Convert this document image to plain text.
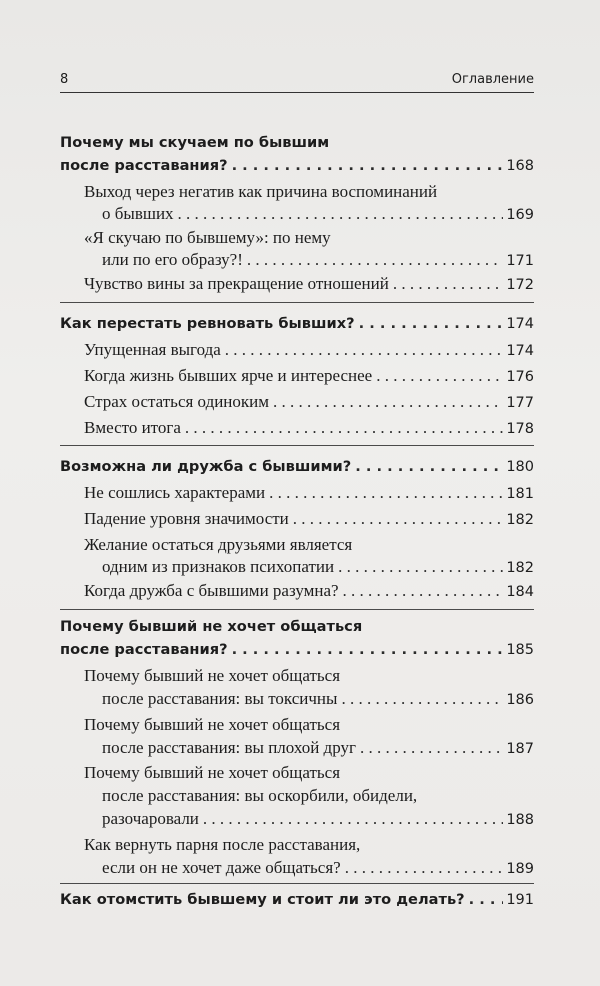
8	Оглавление
Почему мы скучаем по бывшим
после расставания? . . .	168
Выход через негатив как причина воспоминаний
о бывших . . .	169
«Я скучаю по бывшему»: по нему
или по его образу?! . . .	171
Чувство вины за прекращение отношений . . .	172
Как перестать ревновать бывших? . . .	174
Упущенная выгода . . .	174
Когда жизнь бывших ярче и интереснее . . .	176
Страх остаться одиноким . . .	177
Вместо итога . . .	178
Возможна ли дружба с бывшими? . . .	180
Не сошлись характерами . . .	181
Падение уровня значимости . . .	182
Желание остаться друзьями является
одним из признаков психопатии . . .	182
Когда дружба с бывшими разумна? . . .	184
Почему бывший не хочет общаться
после расставания? . . .	185
Почему бывший не хочет общаться
после расставания: вы токсичны . . .	186
Почему бывший не хочет общаться
после расставания: вы плохой друг . . .	187
Почему бывший не хочет общаться
после расставания: вы оскорбили, обидели,
разочаровали . . .	188
Как вернуть парня после расставания,
если он не хочет даже общаться? . . .	189
Как отомстить бывшему и стоит ли это делать? . . .	191
